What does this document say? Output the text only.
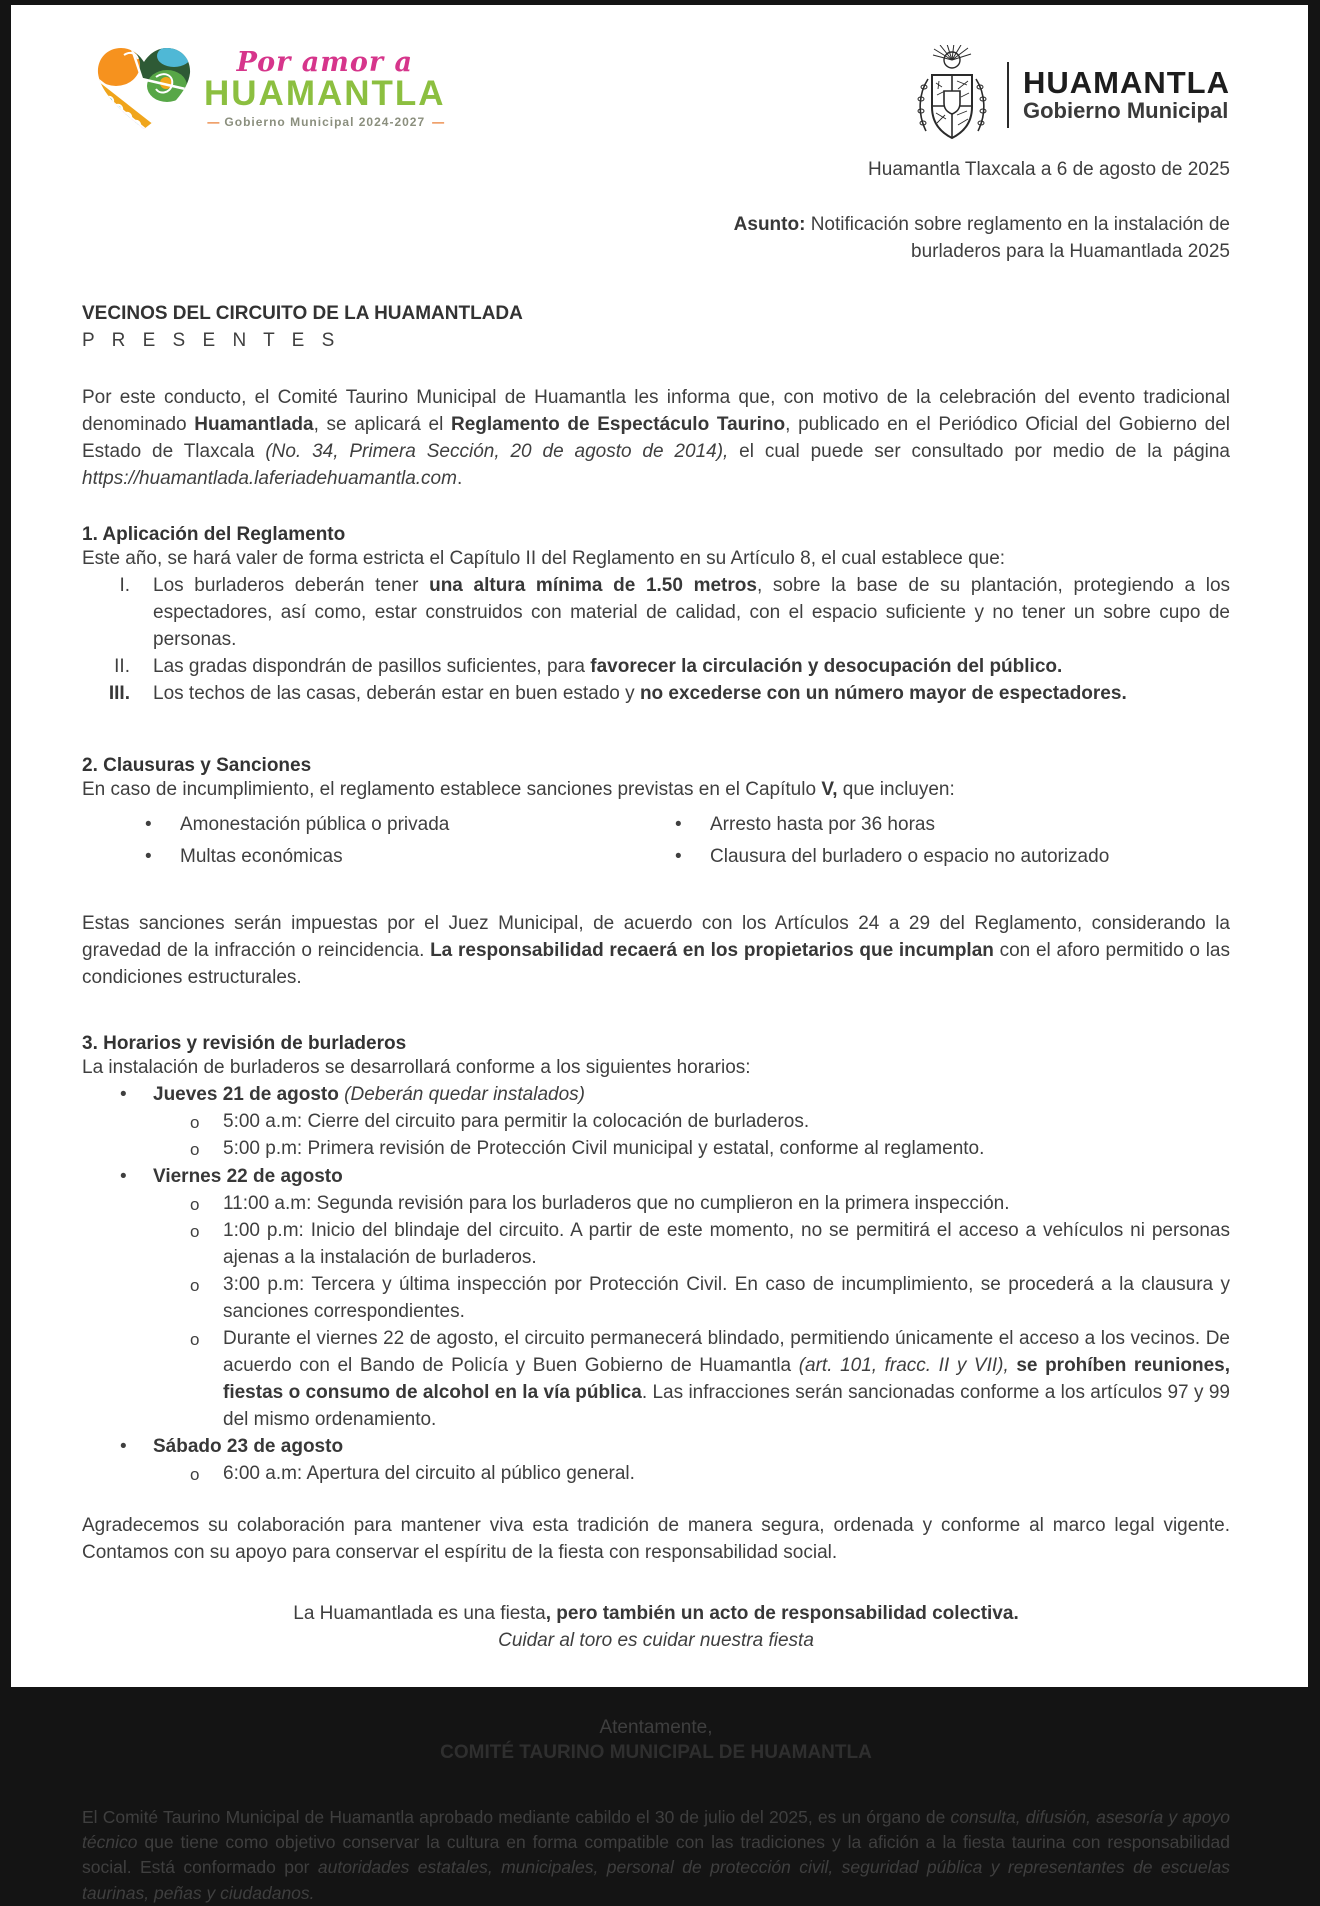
Por amor a
HUAMANTLA
— Gobierno Municipal 2024-2027 —
HUAMANTLA
Gobierno Municipal
Huamantla Tlaxcala a 6 de agosto de 2025
Asunto: Notificación sobre reglamento en la instalación de burladeros para la Huamantlada 2025
VECINOS DEL CIRCUITO DE LA HUAMANTLADA
P R E S E N T E S

Por este conducto, el Comité Taurino Municipal de Huamantla les informa que, con motivo de la celebración del evento tradicional denominado Huamantlada, se aplicará el Reglamento de Espectáculo Taurino, publicado en el Periódico Oficial del Gobierno del Estado de Tlaxcala (No. 34, Primera Sección, 20 de agosto de 2014), el cual puede ser consultado por medio de la página https://huamantlada.laferiadehuamantla.com.

1. Aplicación del Reglamento

Este año, se hará valer de forma estricta el Capítulo II del Reglamento en su Artículo 8, el cual establece que:

I. Los burladeros deberán tener una altura mínima de 1.50 metros, sobre la base de su plantación, protegiendo a los espectadores, así como, estar construidos con material de calidad, con el espacio suficiente y no tener un sobre cupo de personas.
II. Las gradas dispondrán de pasillos suficientes, para favorecer la circulación y desocupación del público.
III. Los techos de las casas, deberán estar en buen estado y no excederse con un número mayor de espectadores.
2. Clausuras y Sanciones

En caso de incumplimiento, el reglamento establece sanciones previstas en el Capítulo V, que incluyen:

•	Amonestación pública o privada
•	Multas económicas
•	Arresto hasta por 36 horas
•	Clausura del burladero o espacio no autorizado

Estas sanciones serán impuestas por el Juez Municipal, de acuerdo con los Artículos 24 a 29 del Reglamento, considerando la gravedad de la infracción o reincidencia. La responsabilidad recaerá en los propietarios que incumplan con el aforo permitido o las condiciones estructurales.

3. Horarios y revisión de burladeros

La instalación de burladeros se desarrollará conforme a los siguientes horarios:

•	Jueves 21 de agosto (Deberán quedar instalados)
o 5:00 a.m: Cierre del circuito para permitir la colocación de burladeros.
o 5:00 p.m: Primera revisión de Protección Civil municipal y estatal, conforme al reglamento.
•	Viernes 22 de agosto
o 11:00 a.m: Segunda revisión para los burladeros que no cumplieron en la primera inspección.
o 1:00 p.m: Inicio del blindaje del circuito. A partir de este momento, no se permitirá el acceso a vehículos ni personas ajenas a la instalación de burladeros.
o 3:00 p.m: Tercera y última inspección por Protección Civil. En caso de incumplimiento, se procederá a la clausura y sanciones correspondientes.
o Durante el viernes 22 de agosto, el circuito permanecerá blindado, permitiendo únicamente el acceso a los vecinos. De acuerdo con el Bando de Policía y Buen Gobierno de Huamantla (art. 101, fracc. II y VII), se prohíben reuniones, fiestas o consumo de alcohol en la vía pública. Las infracciones serán sancionadas conforme a los artículos 97 y 99 del mismo ordenamiento.
•	Sábado 23 de agosto
o 6:00 a.m: Apertura del circuito al público general.

Agradecemos su colaboración para mantener viva esta tradición de manera segura, ordenada y conforme al marco legal vigente. Contamos con su apoyo para conservar el espíritu de la fiesta con responsabilidad social.

La Huamantlada es una fiesta, pero también un acto de responsabilidad colectiva.
Cuidar al toro es cuidar nuestra fiesta
Atentamente,
COMITÉ TAURINO MUNICIPAL DE HUAMANTLA

El Comité Taurino Municipal de Huamantla aprobado mediante cabildo el 30 de julio del 2025, es un órgano de consulta, difusión, asesoría y apoyo técnico que tiene como objetivo conservar la cultura en forma compatible con las tradiciones y la afición a la fiesta taurina con responsabilidad social. Está conformado por autoridades estatales, municipales, personal de protección civil, seguridad pública y representantes de escuelas taurinas, peñas y ciudadanos.
